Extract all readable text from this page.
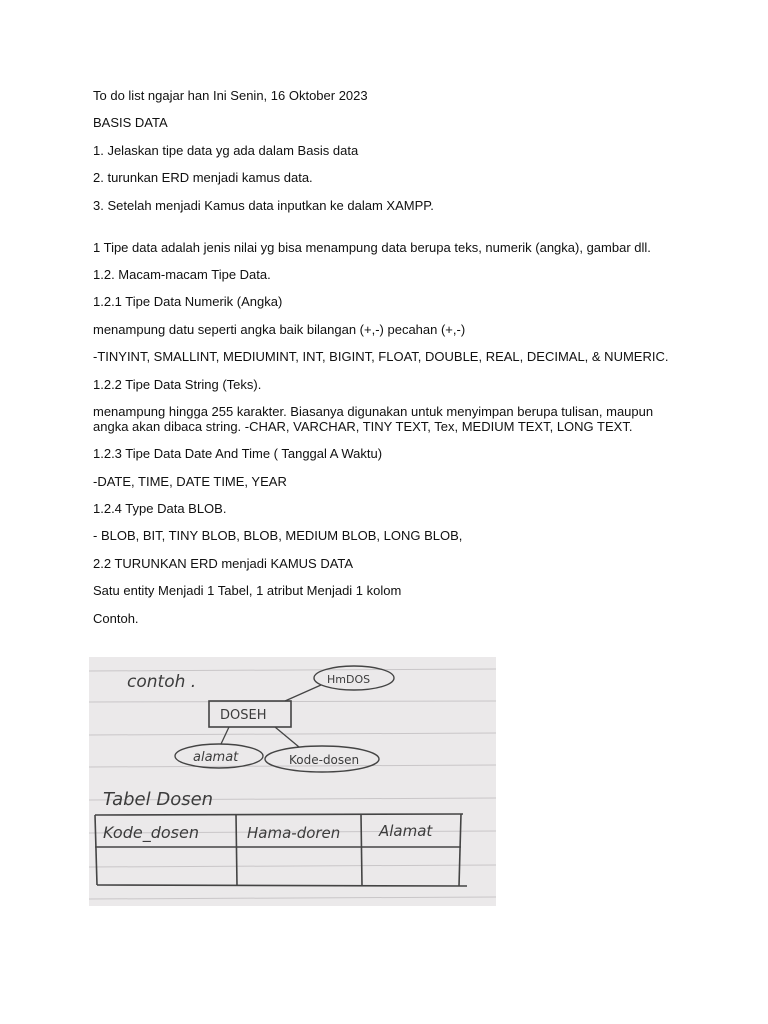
To do list ngajar han Ini Senin, 16 Oktober 2023

BASIS DATA

1. Jelaskan tipe data yg ada dalam Basis data

2. turunkan ERD menjadi kamus data.

3. Setelah menjadi Kamus data inputkan ke dalam XAMPP.

1 Tipe data adalah jenis nilai yg bisa menampung data berupa teks, numerik (angka), gambar dll.

1.2. Macam-macam Tipe Data.

1.2.1 Tipe Data Numerik (Angka)

menampung datu seperti angka baik bilangan (+,-) pecahan (+,-)

-TINYINT, SMALLINT, MEDIUMINT, INT, BIGINT, FLOAT, DOUBLE, REAL, DECIMAL, & NUMERIC.

1.2.2 Tipe Data String (Teks).

menampung hingga 255 karakter. Biasanya digunakan untuk menyimpan berupa tulisan, maupun angka akan dibaca string. -CHAR, VARCHAR, TINY TEXT, Tex, MEDIUM TEXT, LONG TEXT.

1.2.3 Tipe Data Date And Time ( Tanggal A Waktu)

-DATE, TIME, DATE TIME, YEAR

1.2.4 Type Data BLOB.

- BLOB, BIT, TINY BLOB, BLOB, MEDIUM BLOB, LONG BLOB,

2.2 TURUNKAN ERD menjadi KAMUS DATA

Satu entity Menjadi 1 Tabel, 1 atribut Menjadi 1 kolom

Contoh.

contoh .
DOSEH
HmDOS
alamat	Kode-dosen
Tabel Dosen
Kode_dosen	Hama-doren	Alamat
